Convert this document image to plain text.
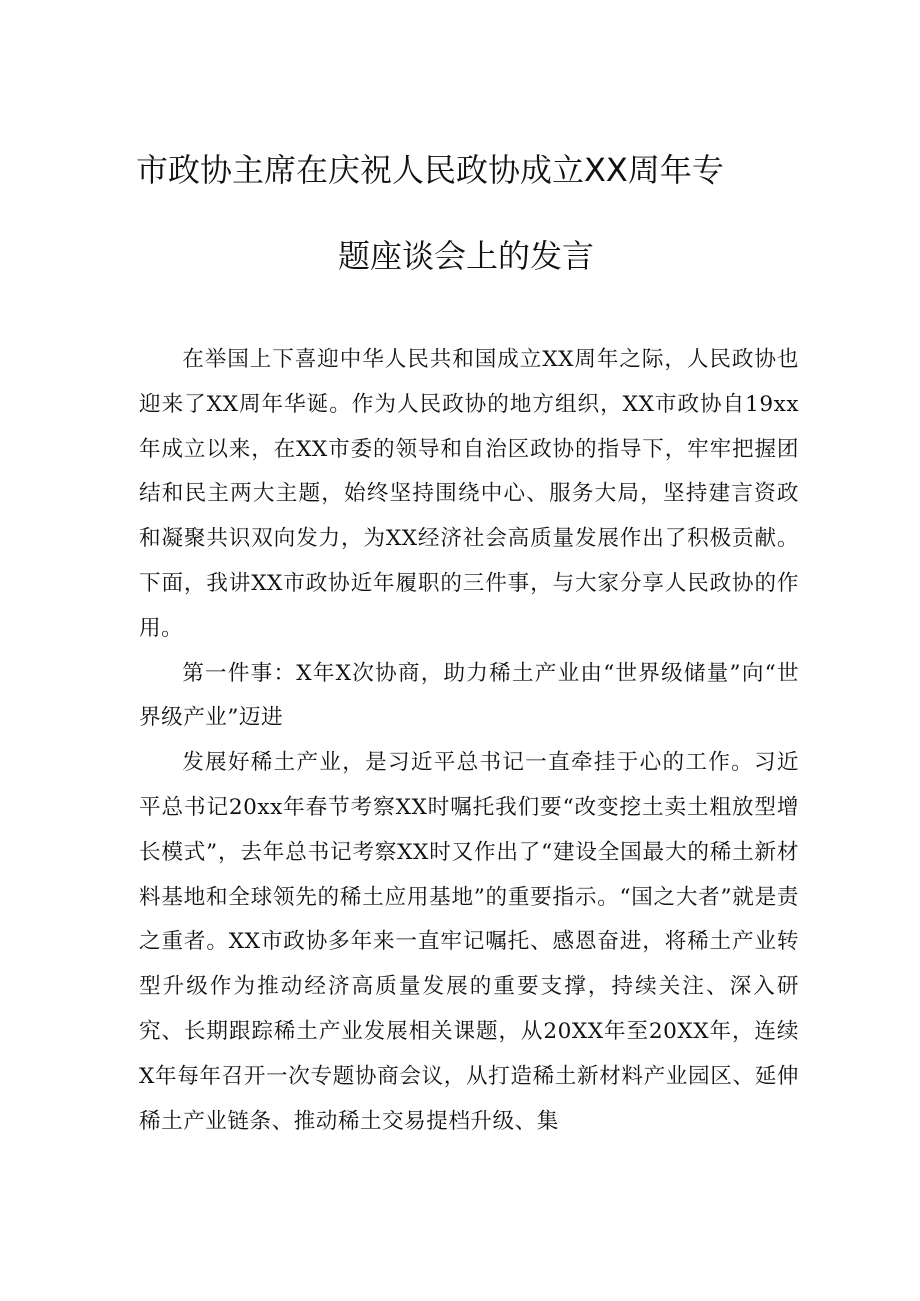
市政协主席在庆祝人民政协成立XX周年专
题座谈会上的发言

在举国上下喜迎中华人民共和国成立XX周年之际，人民政协也迎来了XX周年华诞。作为人民政协的地方组织，XX市政协自19xx年成立以来，在XX市委的领导和自治区政协的指导下，牢牢把握团结和民主两大主题，始终坚持围绕中心、服务大局，坚持建言资政和凝聚共识双向发力，为XX经济社会高质量发展作出了积极贡献。下面，我讲XX市政协近年履职的三件事，与大家分享人民政协的作用。

第一件事：X年X次协商，助力稀土产业由“世界级储量”向“世界级产业”迈进

发展好稀土产业，是习近平总书记一直牵挂于心的工作。习近平总书记20xx年春节考察XX时嘱托我们要“改变挖土卖土粗放型增长模式”，去年总书记考察XX时又作出了“建设全国最大的稀土新材料基地和全球领先的稀土应用基地”的重要指示。“国之大者”就是责之重者。XX市政协多年来一直牢记嘱托、感恩奋进，将稀土产业转型升级作为推动经济高质量发展的重要支撑，持续关注、深入研究、长期跟踪稀土产业发展相关课题，从20XX年至20XX年，连续X年每年召开一次专题协商会议，从打造稀土新材料产业园区、延伸稀土产业链条、推动稀土交易提档升级、集
